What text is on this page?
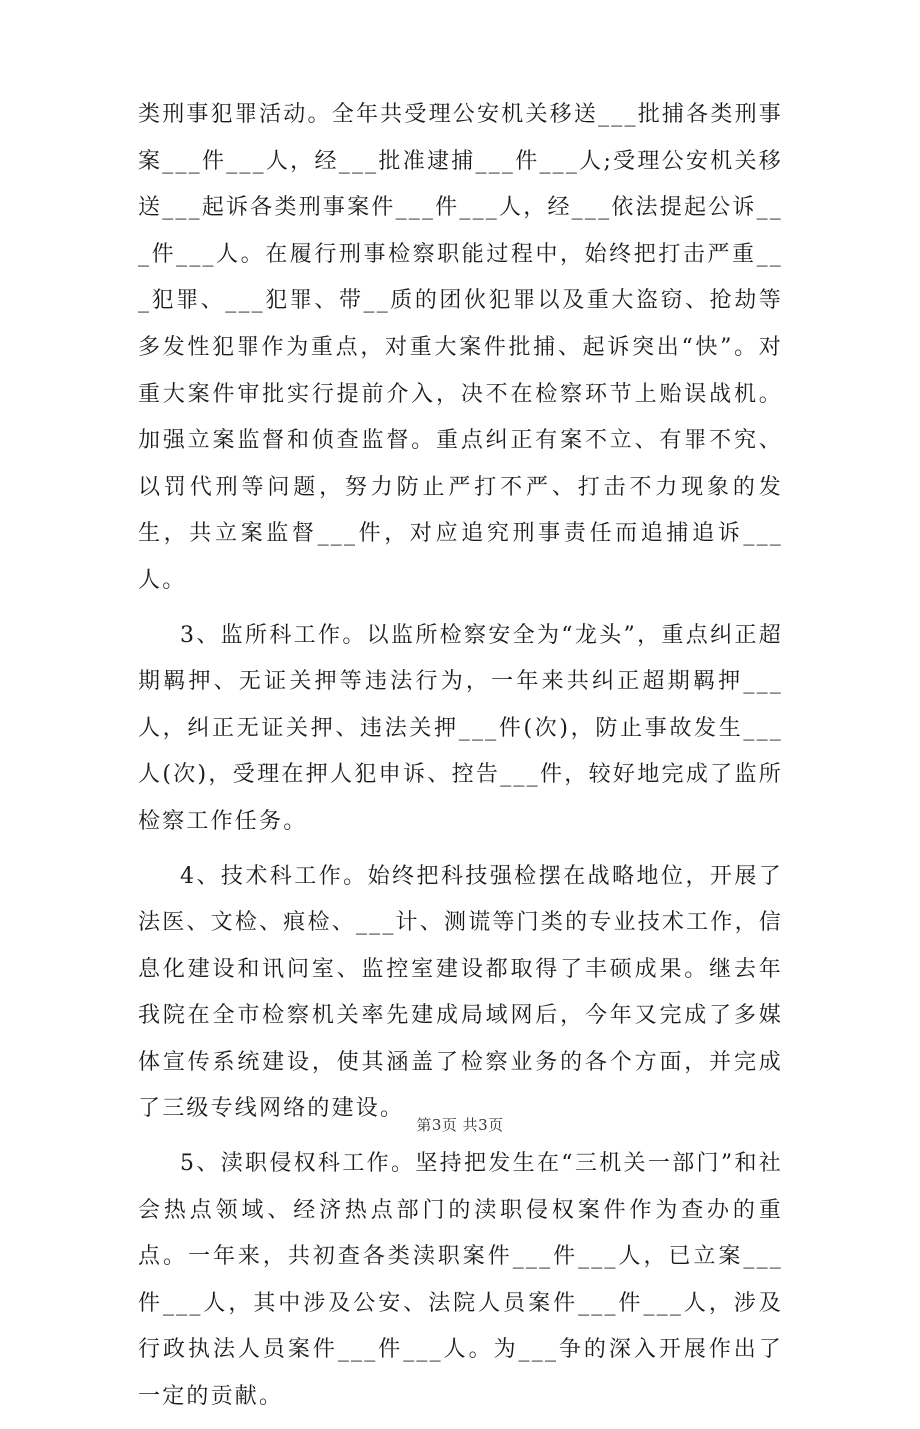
类刑事犯罪活动。全年共受理公安机关移送___批捕各类刑事案___件___人，经___批准逮捕___件___人;受理公安机关移送___起诉各类刑事案件___件___人，经___依法提起公诉___件___人。在履行刑事检察职能过程中，始终把打击严重___犯罪、___犯罪、带__质的团伙犯罪以及重大盗窃、抢劫等多发性犯罪作为重点，对重大案件批捕、起诉突出“快”。对重大案件审批实行提前介入，决不在检察环节上贻误战机。加强立案监督和侦查监督。重点纠正有案不立、有罪不究、以罚代刑等问题，努力防止严打不严、打击不力现象的发生，共立案监督___件，对应追究刑事责任而追捕追诉___人。

3、监所科工作。以监所检察安全为“龙头”，重点纠正超期羁押、无证关押等违法行为，一年来共纠正超期羁押___人，纠正无证关押、违法关押___件(次)，防止事故发生___人(次)，受理在押人犯申诉、控告___件，较好地完成了监所检察工作任务。

4、技术科工作。始终把科技强检摆在战略地位，开展了法医、文检、痕检、___计、测谎等门类的专业技术工作，信息化建设和讯问室、监控室建设都取得了丰硕成果。继去年我院在全市检察机关率先建成局域网后，今年又完成了多媒体宣传系统建设，使其涵盖了检察业务的各个方面，并完成了三级专线网络的建设。

5、渎职侵权科工作。坚持把发生在“三机关一部门”和社会热点领域、经济热点部门的渎职侵权案件作为查办的重点。一年来，共初查各类渎职案件___件___人，已立案___件___人，其中涉及公安、法院人员案件___件___人，涉及行政执法人员案件___件___人。为___争的深入开展作出了一定的贡献。

第3页 共3页
